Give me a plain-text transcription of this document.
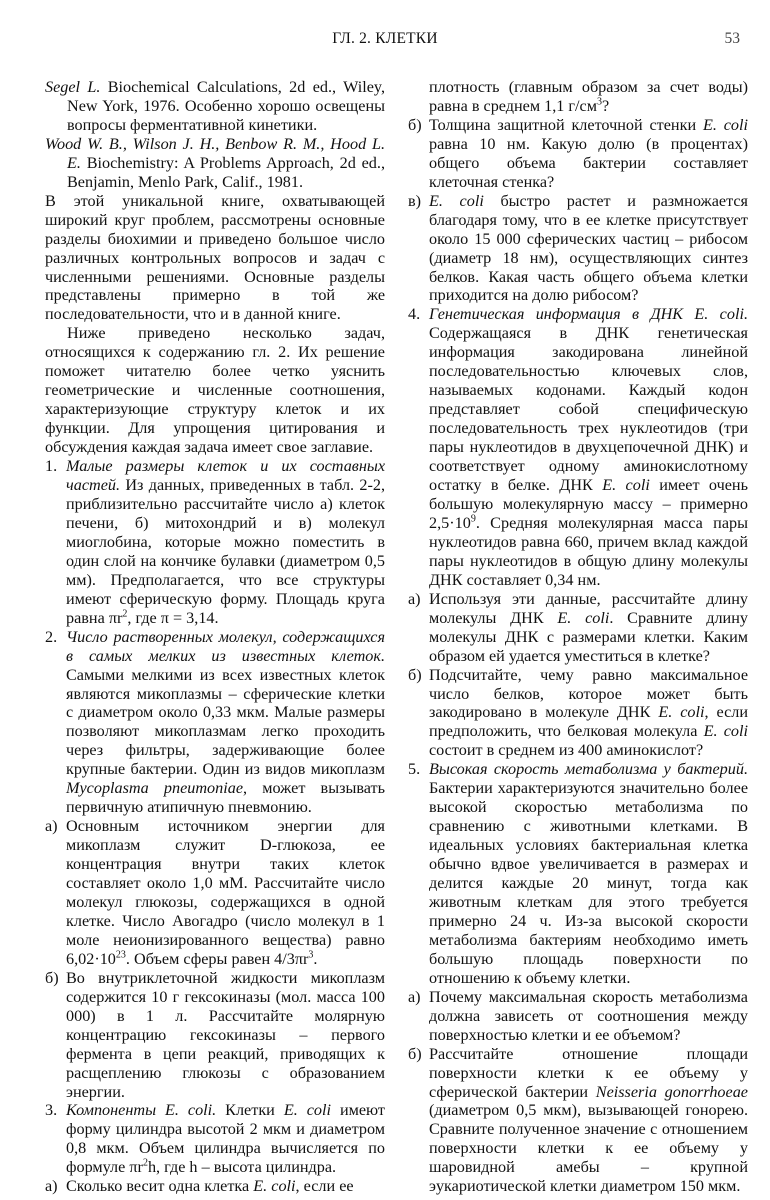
ГЛ. 2. КЛЕТКИ	53
Segel L. Biochemical Calculations, 2d ed., Wiley, New York, 1976. Особенно хорошо освещены вопросы ферментативной кинетики.
Wood W. B., Wilson J. H., Benbow R. M., Hood L. E. Biochemistry: A Problems Approach, 2d ed., Benjamin, Menlo Park, Calif., 1981.
В этой уникальной книге, охватывающей широкий круг проблем, рассмотрены основные разделы биохимии и приведено большое число различных контрольных вопросов и задач с численными решениями. Основные разделы представлены примерно в той же последовательности, что и в данной книге.
Ниже приведено несколько задач, относящихся к содержанию гл. 2. Их решение поможет читателю более четко уяснить геометрические и численные соотношения, характеризующие структуру клеток и их функции. Для упрощения цитирования и обсуждения каждая задача имеет свое заглавие.
1. Малые размеры клеток и их составных частей. Из данных, приведенных в табл. 2-2, приблизительно рассчитайте число а) клеток печени, б) митохондрий и в) молекул миоглобина, которые можно поместить в один слой на кончике булавки (диаметром 0,5 мм). Предполагается, что все структуры имеют сферическую форму. Площадь круга равна $\pi r^2$, где π = 3,14.
2. Число растворенных молекул, содержащихся в самых мелких из известных клеток. Самыми мелкими из всех известных клеток являются микоплазмы – сферические клетки с диаметром около 0,33 мкм. Малые размеры позволяют микоплазмам легко проходить через фильтры, задерживающие более крупные бактерии. Один из видов микоплазм Mycoplasma pneumoniae, может вызывать первичную атипичную пневмонию.
а) Основным источником энергии для микоплазм служит D-глюкоза, ее концентрация внутри таких клеток составляет около 1,0 мМ. Рассчитайте число молекул глюкозы, содержащихся в одной клетке. Число Авогадро (число молекул в 1 моле неионизированного вещества) равно $6,02\cdot 10^{23}$. Объем сферы равен $4/3\pi r^3$.
б) Во внутриклеточной жидкости микоплазм содержится 10 г гексокиназы (мол. масса 100 000) в 1 л. Рассчитайте молярную концентрацию гексокиназы – первого фермента в цепи реакций, приводящих к расщеплению глюкозы с образованием энергии.
3. Компоненты E. coli. Клетки E. coli имеют форму цилиндра высотой 2 мкм и диаметром 0,8 мкм. Объем цилиндра вычисляется по формуле $\pi r^2h$, где h – высота цилиндра.
а) Сколько весит одна клетка E. coli, если ее
плотность (главным образом за счет воды) равна в среднем 1,1 $г/см^3$?
б) Толщина защитной клеточной стенки E. coli равна 10 нм. Какую долю (в процентах) общего объема бактерии составляет клеточная стенка?
в) E. coli быстро растет и размножается благодаря тому, что в ее клетке присутствует около 15 000 сферических частиц – рибосом (диаметр 18 нм), осуществляющих синтез белков. Какая часть общего объема клетки приходится на долю рибосом?
4. Генетическая информация в ДНК E. coli. Содержащаяся в ДНК генетическая информация закодирована линейной последовательностью ключевых слов, называемых кодонами. Каждый кодон представляет собой специфическую последовательность трех нуклеотидов (три пары нуклеотидов в двухцепочечной ДНК) и соответствует одному аминокислотному остатку в белке. ДНК E. coli имеет очень большую молекулярную массу – примерно $2,5\cdot 10^9$. Средняя молекулярная масса пары нуклеотидов равна 660, причем вклад каждой пары нуклеотидов в общую длину молекулы ДНК составляет 0,34 нм.
а) Используя эти данные, рассчитайте длину молекулы ДНК E. coli. Сравните длину молекулы ДНК с размерами клетки. Каким образом ей удается уместиться в клетке?
б) Подсчитайте, чему равно максимальное число белков, которое может быть закодировано в молекуле ДНК E. coli, если предположить, что белковая молекула E. coli состоит в среднем из 400 аминокислот?
5. Высокая скорость метаболизма у бактерий. Бактерии характеризуются значительно более высокой скоростью метаболизма по сравнению с животными клетками. В идеальных условиях бактериальная клетка обычно вдвое увеличивается в размерах и делится каждые 20 минут, тогда как животным клеткам для этого требуется примерно 24 ч. Из-за высокой скорости метаболизма бактериям необходимо иметь большую площадь поверхности по отношению к объему клетки.
а) Почему максимальная скорость метаболизма должна зависеть от соотношения между поверхностью клетки и ее объемом?
б) Рассчитайте отношение площади поверхности клетки к ее объему у сферической бактерии Neisseria gonorrhoeae (диаметром 0,5 мкм), вызывающей гонорею. Сравните полученное значение с отношением поверхности клетки к ее объему у шаровидной амебы – крупной эукариотической клетки диаметром 150 мкм.
